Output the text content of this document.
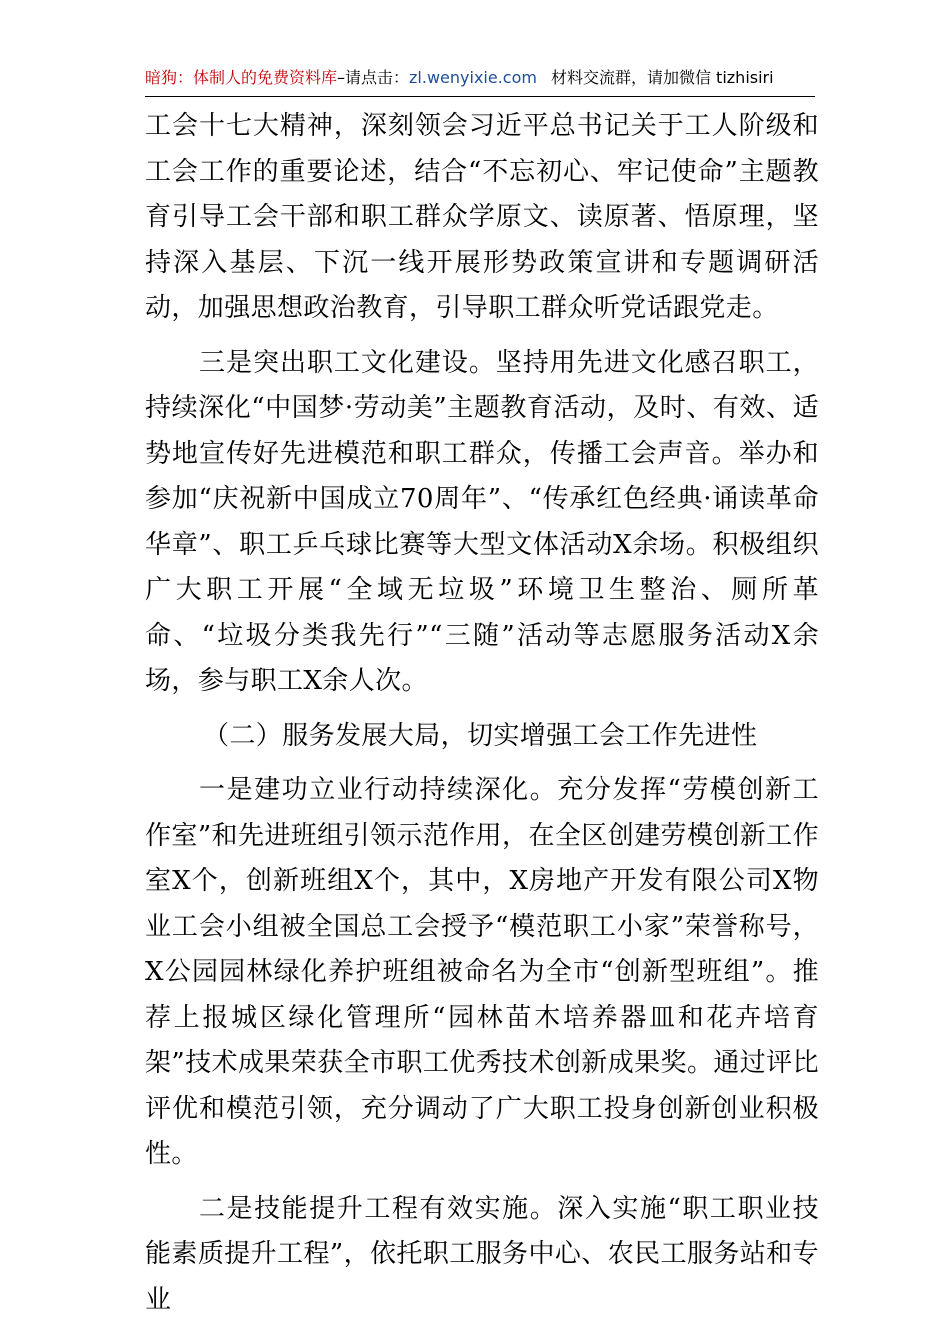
暗狗：体制人的免费资料库–请点击：zl.wenyixie.com 材料交流群，请加微信 tizhisiri

工会十七大精神，深刻领会习近平总书记关于工人阶级和工会工作的重要论述，结合“不忘初心、牢记使命”主题教育引导工会干部和职工群众学原文、读原著、悟原理，坚持深入基层、下沉一线开展形势政策宣讲和专题调研活动，加强思想政治教育，引导职工群众听党话跟党走。

三是突出职工文化建设。坚持用先进文化感召职工，持续深化“中国梦·劳动美”主题教育活动，及时、有效、适势地宣传好先进模范和职工群众，传播工会声音。举办和参加“庆祝新中国成立70周年”、“传承红色经典·诵读革命华章”、职工乒乓球比赛等大型文体活动X余场。积极组织广大职工开展“全域无垃圾”环境卫生整治、厕所革命、“垃圾分类我先行”“三随”活动等志愿服务活动X余场，参与职工X余人次。

（二）服务发展大局，切实增强工会工作先进性

一是建功立业行动持续深化。充分发挥“劳模创新工作室”和先进班组引领示范作用，在全区创建劳模创新工作室X个，创新班组X个，其中，X房地产开发有限公司X物业工会小组被全国总工会授予“模范职工小家”荣誉称号，X公园园林绿化养护班组被命名为全市“创新型班组”。推荐上报城区绿化管理所“园林苗木培养器皿和花卉培育架”技术成果荣获全市职工优秀技术创新成果奖。通过评比评优和模范引领，充分调动了广大职工投身创新创业积极性。

二是技能提升工程有效实施。深入实施“职工职业技能素质提升工程”，依托职工服务中心、农民工服务站和专业
